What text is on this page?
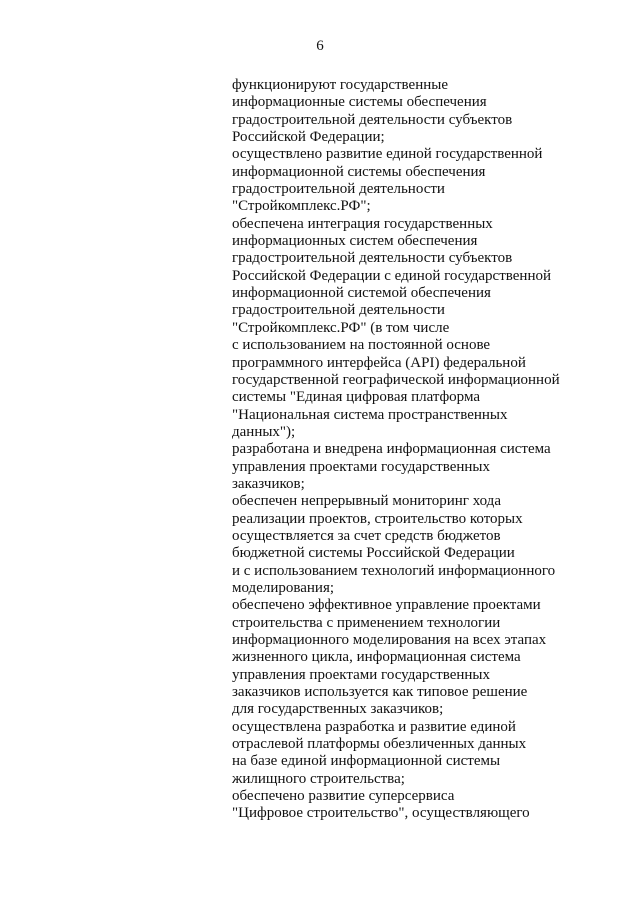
6

функционируют государственные

информационные системы обеспечения

градостроительной деятельности субъектов

Российской Федерации;

осуществлено развитие единой государственной

информационной системы обеспечения

градостроительной деятельности

"Стройкомплекс.РФ";

обеспечена интеграция государственных

информационных систем обеспечения

градостроительной деятельности субъектов

Российской Федерации с единой государственной

информационной системой обеспечения

градостроительной деятельности

"Стройкомплекс.РФ" (в том числе

с использованием на постоянной основе

программного интерфейса (API) федеральной

государственной географической информационной

системы "Единая цифровая платформа

"Национальная система пространственных

данных");

разработана и внедрена информационная система

управления проектами государственных

заказчиков;

обеспечен непрерывный мониторинг хода

реализации проектов, строительство которых

осуществляется за счет средств бюджетов

бюджетной системы Российской Федерации

и с использованием технологий информационного

моделирования;

обеспечено эффективное управление проектами

строительства с применением технологии

информационного моделирования на всех этапах

жизненного цикла, информационная система

управления проектами государственных

заказчиков используется как типовое решение

для государственных заказчиков;

осуществлена разработка и развитие единой

отраслевой платформы обезличенных данных

на базе единой информационной системы

жилищного строительства;

обеспечено развитие суперсервиса

"Цифровое строительство", осуществляющего
